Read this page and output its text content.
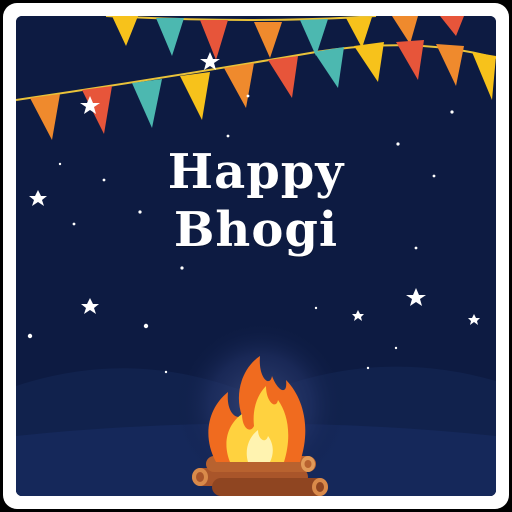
Happy
Bhogi
